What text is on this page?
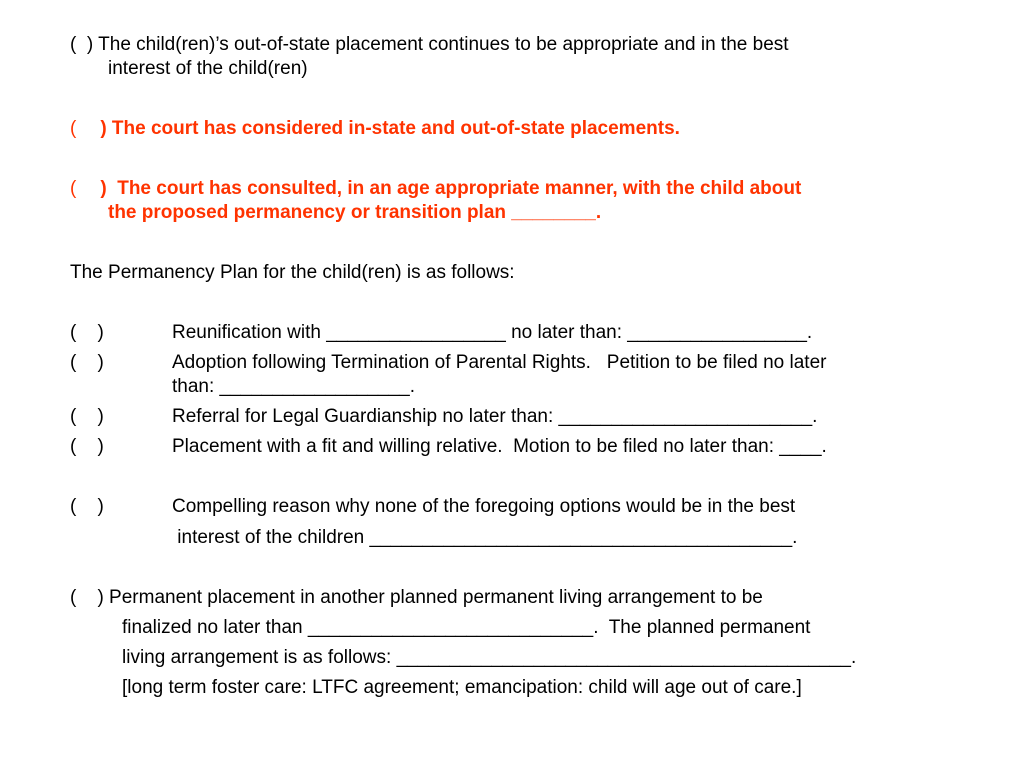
(  ) The child(ren)’s out-of-state placement continues to be appropriate and in the best
interest of the child(ren)
( ) The court has considered in-state and out-of-state placements.
( )  The court has consulted, in an age appropriate manner, with the child about
the proposed permanency or transition plan ________.
The Permanency Plan for the child(ren) is as follows:
(    )	Reunification with _________________ no later than: _________________.
(    )	Adoption following Termination of Parental Rights.   Petition to be filed no later
than: __________________.
(    )	Referral for Legal Guardianship no later than: ________________________.
(    )	Placement with a fit and willing relative.  Motion to be filed no later than: ____.
(    )	Compelling reason why none of the foregoing options would be in the best
interest of the children ________________________________________.
(    ) Permanent placement in another planned permanent living arrangement to be
finalized no later than ___________________________.  The planned permanent
living arrangement is as follows: ___________________________________________.
[long term foster care: LTFC agreement; emancipation: child will age out of care.]
